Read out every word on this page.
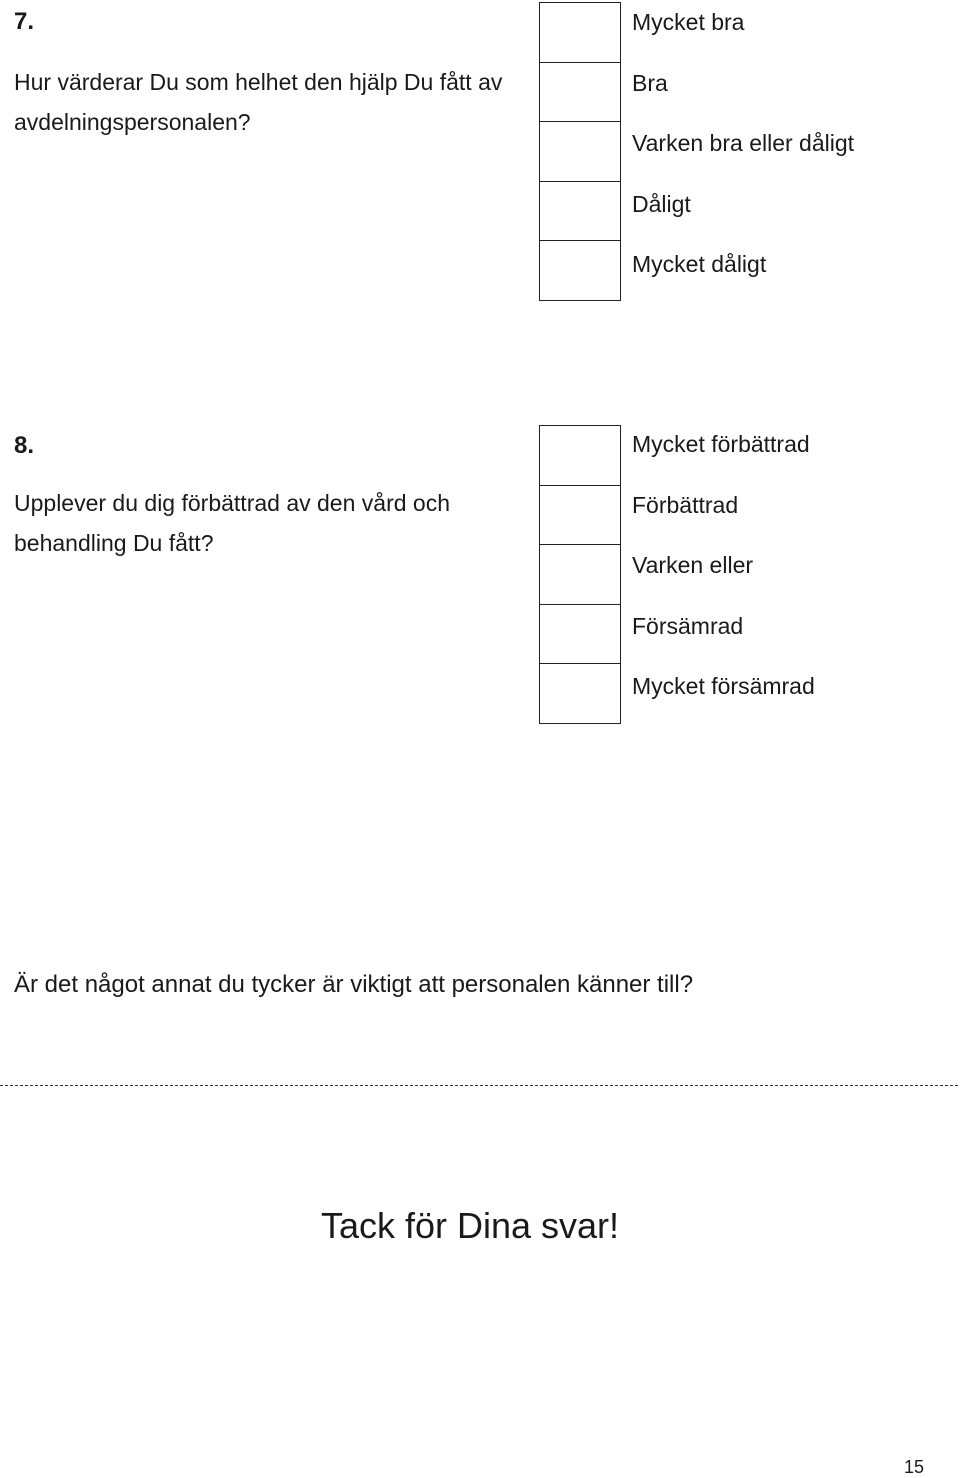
7.
Hur värderar Du som helhet den hjälp Du fått av avdelningspersonalen?
Mycket bra
Bra
Varken bra eller dåligt
Dåligt
Mycket dåligt
8.
Upplever du dig förbättrad av den vård och behandling Du fått?
Mycket förbättrad
Förbättrad
Varken eller
Försämrad
Mycket försämrad
Är det något annat du tycker är viktigt att personalen känner till?
Tack för Dina svar!
15
